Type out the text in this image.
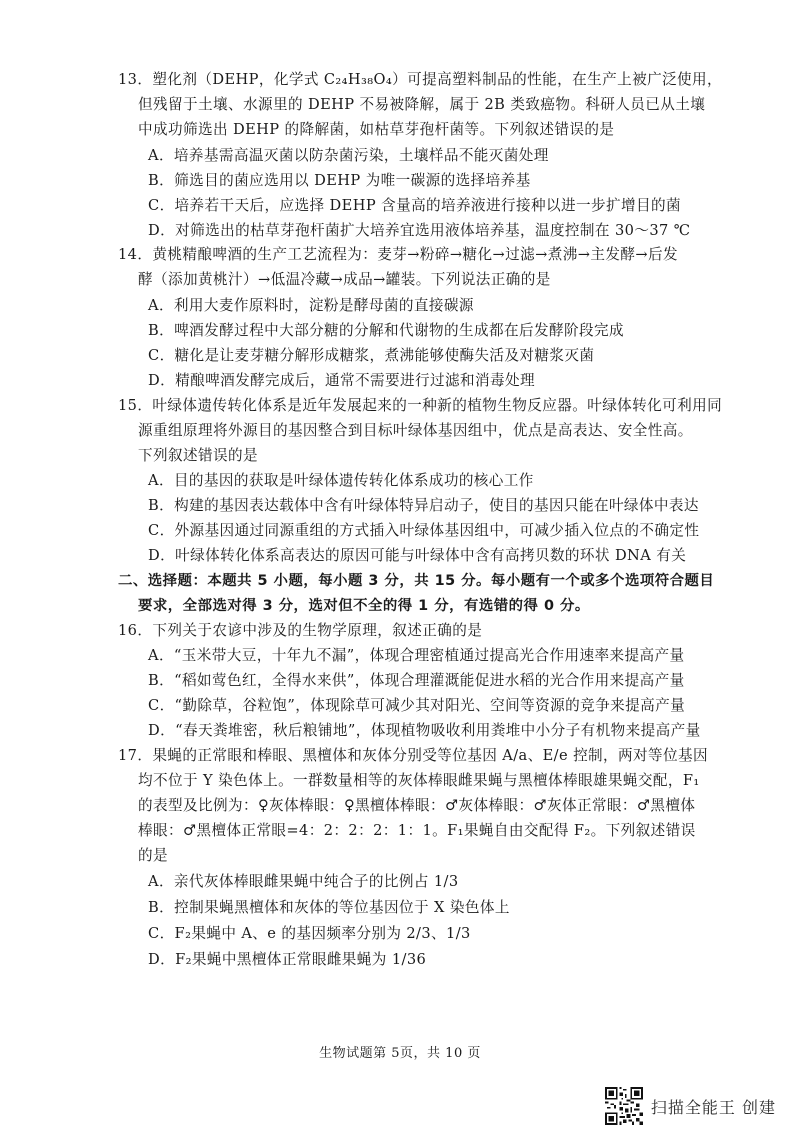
13．塑化剂（DEHP，化学式 C₂₄H₃₈O₄）可提高塑料制品的性能，在生产上被广泛使用，
但残留于土壤、水源里的 DEHP 不易被降解，属于 2B 类致癌物。科研人员已从土壤
中成功筛选出 DEHP 的降解菌，如枯草芽孢杆菌等。下列叙述错误的是
A．培养基需高温灭菌以防杂菌污染，土壤样品不能灭菌处理
B．筛选目的菌应选用以 DEHP 为唯一碳源的选择培养基
C．培养若干天后，应选择 DEHP 含量高的培养液进行接种以进一步扩增目的菌
D．对筛选出的枯草芽孢杆菌扩大培养宜选用液体培养基，温度控制在 30～37 ℃
14．黄桃精酿啤酒的生产工艺流程为：麦芽→粉碎→糖化→过滤→煮沸→主发酵→后发
酵（添加黄桃汁）→低温冷藏→成品→罐装。下列说法正确的是
A．利用大麦作原料时，淀粉是酵母菌的直接碳源
B．啤酒发酵过程中大部分糖的分解和代谢物的生成都在后发酵阶段完成
C．糖化是让麦芽糖分解形成糖浆，煮沸能够使酶失活及对糖浆灭菌
D．精酿啤酒发酵完成后，通常不需要进行过滤和消毒处理
15．叶绿体遗传转化体系是近年发展起来的一种新的植物生物反应器。叶绿体转化可利用同
源重组原理将外源目的基因整合到目标叶绿体基因组中，优点是高表达、安全性高。
下列叙述错误的是
A．目的基因的获取是叶绿体遗传转化体系成功的核心工作
B．构建的基因表达载体中含有叶绿体特异启动子，使目的基因只能在叶绿体中表达
C．外源基因通过同源重组的方式插入叶绿体基因组中，可减少插入位点的不确定性
D．叶绿体转化体系高表达的原因可能与叶绿体中含有高拷贝数的环状 DNA 有关
二、选择题：本题共 5 小题，每小题 3 分，共 15 分。每小题有一个或多个选项符合题目
要求，全部选对得 3 分，选对但不全的得 1 分，有选错的得 0 分。
16．下列关于农谚中涉及的生物学原理，叙述正确的是
A．“玉米带大豆，十年九不漏”，体现合理密植通过提高光合作用速率来提高产量
B．“稻如莺色红，全得水来供”，体现合理灌溉能促进水稻的光合作用来提高产量
C．“勤除草，谷粒饱”，体现除草可减少其对阳光、空间等资源的竞争来提高产量
D．“春天粪堆密，秋后粮铺地”，体现植物吸收利用粪堆中小分子有机物来提高产量
17．果蝇的正常眼和棒眼、黑檀体和灰体分别受等位基因 A/a、E/e 控制，两对等位基因
均不位于 Y 染色体上。一群数量相等的灰体棒眼雌果蝇与黑檀体棒眼雄果蝇交配，F₁
的表型及比例为：♀灰体棒眼：♀黑檀体棒眼：♂灰体棒眼：♂灰体正常眼：♂黑檀体
棒眼：♂黑檀体正常眼=4：2：2：2：1：1。F₁果蝇自由交配得 F₂。下列叙述错误
的是
A．亲代灰体棒眼雌果蝇中纯合子的比例占 1/3
B．控制果蝇黑檀体和灰体的等位基因位于 X 染色体上
C．F₂果蝇中 A、e 的基因频率分别为 2/3、1/3
D．F₂果蝇中黑檀体正常眼雌果蝇为 1/36
生物试题第 5页，共 10 页
扫描全能王 创建
